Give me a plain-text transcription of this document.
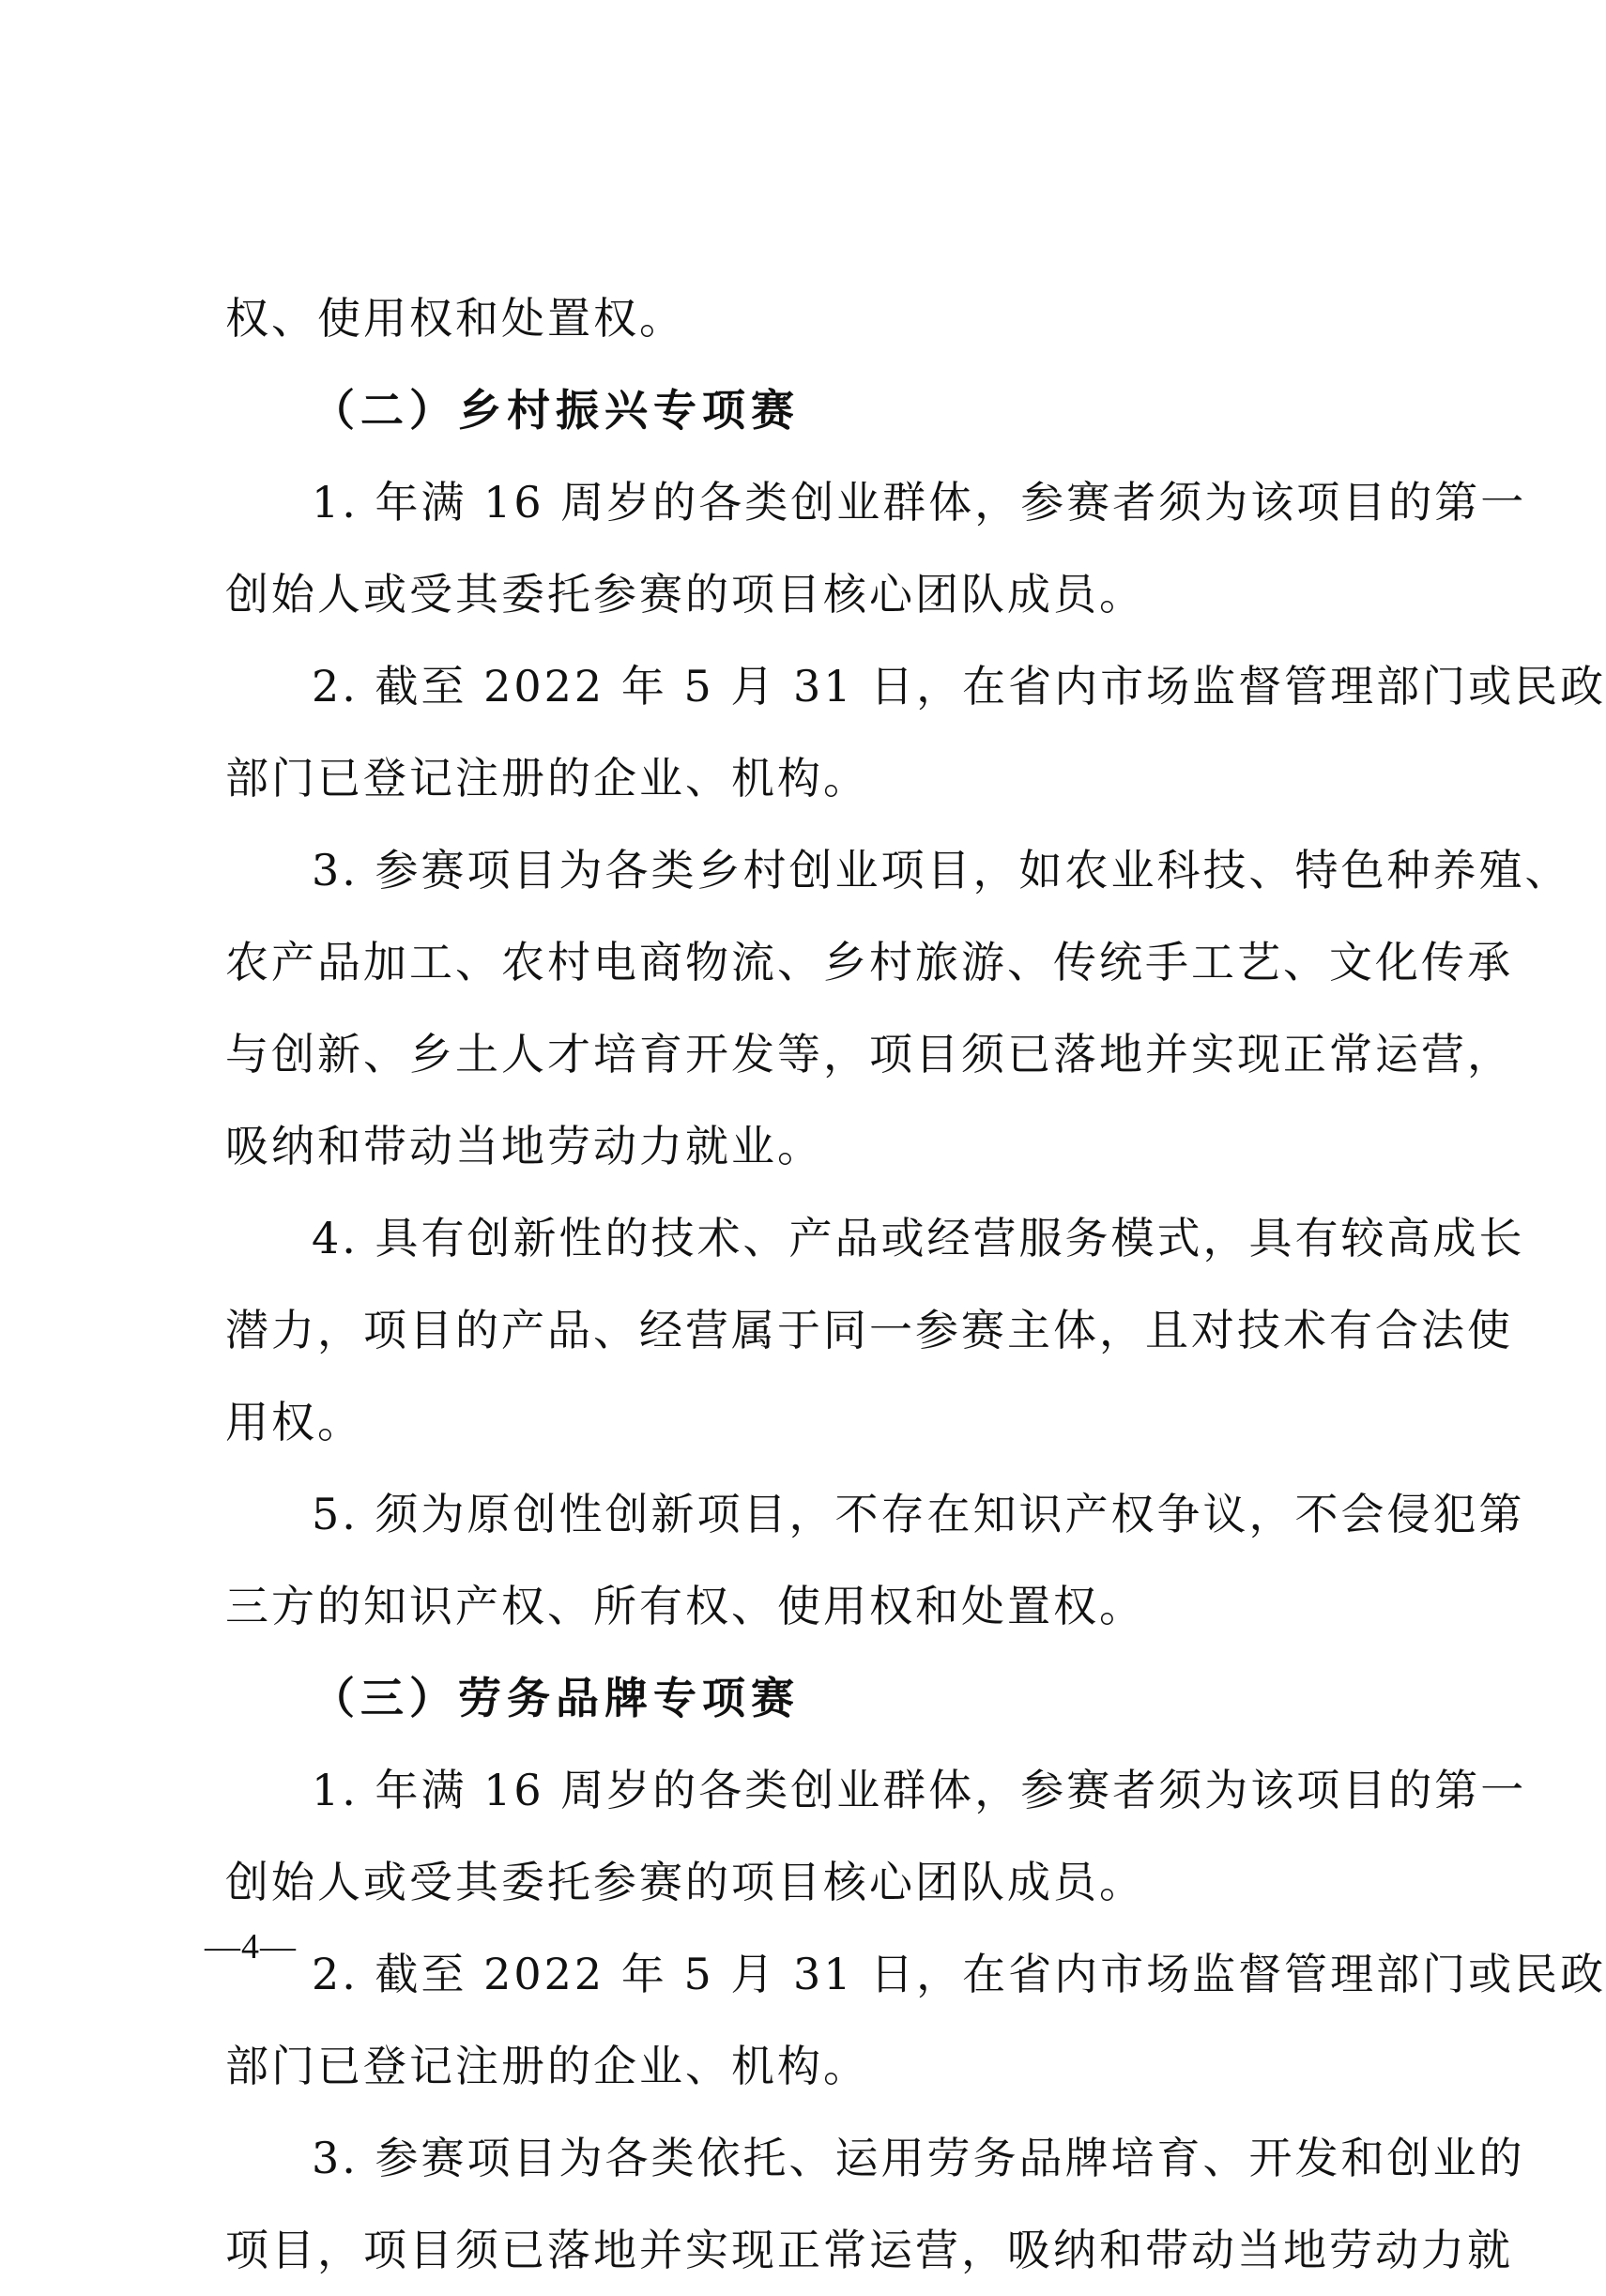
权、使用权和处置权。
（二）乡村振兴专项赛
1. 年满 16 周岁的各类创业群体，参赛者须为该项目的第一
创始人或受其委托参赛的项目核心团队成员。
2. 截至 2022 年 5 月 31 日，在省内市场监督管理部门或民政
部门已登记注册的企业、机构。
3. 参赛项目为各类乡村创业项目，如农业科技、特色种养殖、
农产品加工、农村电商物流、乡村旅游、传统手工艺、文化传承
与创新、乡土人才培育开发等，项目须已落地并实现正常运营，
吸纳和带动当地劳动力就业。
4. 具有创新性的技术、产品或经营服务模式，具有较高成长
潜力，项目的产品、经营属于同一参赛主体，且对技术有合法使
用权。
5. 须为原创性创新项目，不存在知识产权争议，不会侵犯第
三方的知识产权、所有权、使用权和处置权。
（三）劳务品牌专项赛
1. 年满 16 周岁的各类创业群体，参赛者须为该项目的第一
创始人或受其委托参赛的项目核心团队成员。
2. 截至 2022 年 5 月 31 日，在省内市场监督管理部门或民政
部门已登记注册的企业、机构。
3. 参赛项目为各类依托、运用劳务品牌培育、开发和创业的
项目，项目须已落地并实现正常运营，吸纳和带动当地劳动力就
—4—
